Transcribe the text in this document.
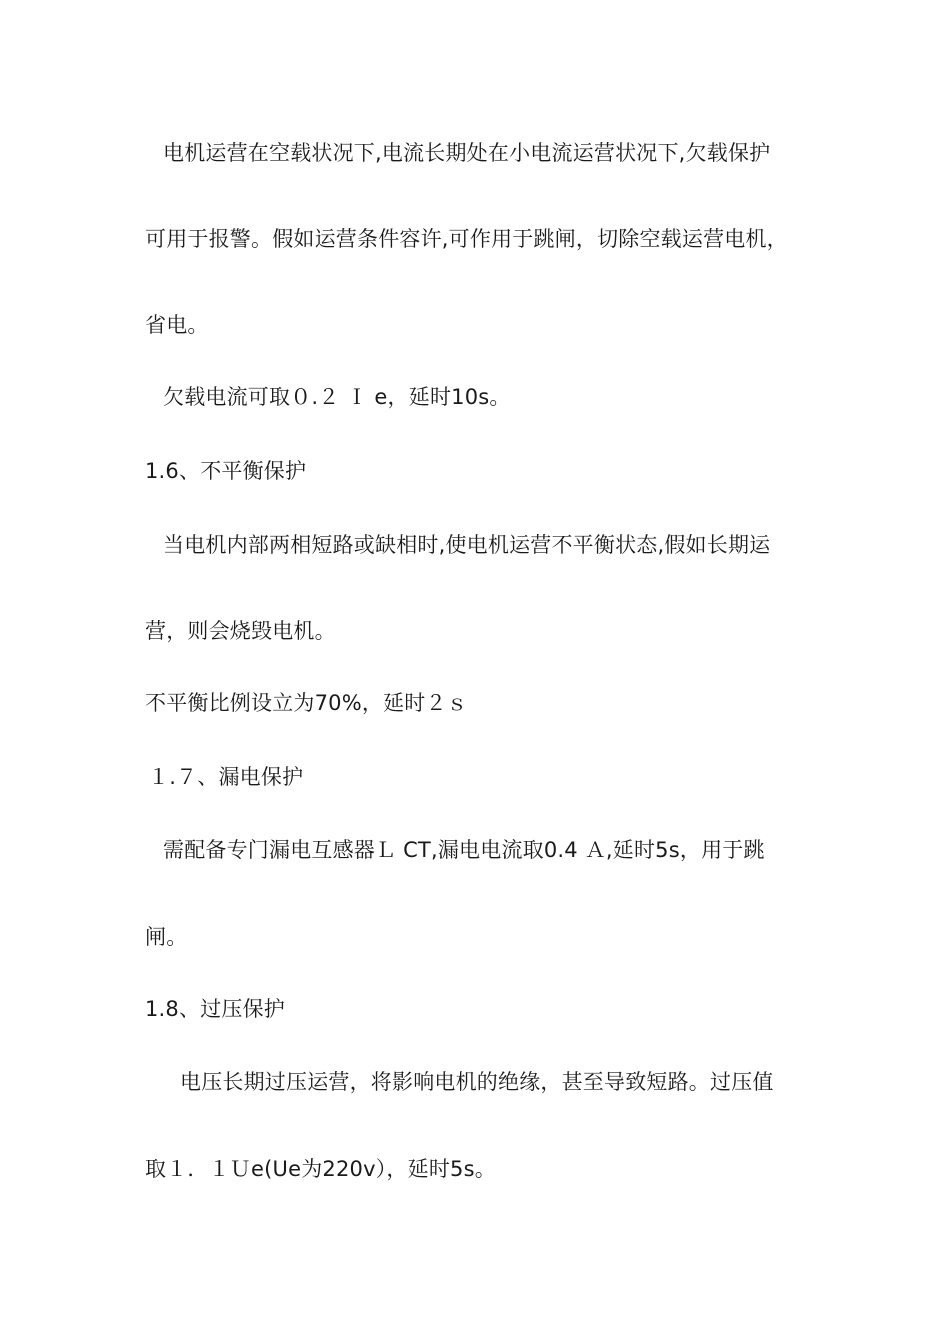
电机运营在空载状况下,电流长期处在小电流运营状况下,欠载保护
可用于报警。假如运营条件容许,可作用于跳闸，切除空载运营电机，
省电。
欠载电流可取０.２ Ｉ e，延时10s。
1.6、不平衡保护
当电机内部两相短路或缺相时,使电机运营不平衡状态,假如长期运
营，则会烧毁电机。
不平衡比例设立为70%，延时２ｓ
１.７、漏电保护
需配备专门漏电互感器Ｌ CT,漏电电流取0.4 Ａ,延时5s，用于跳
闸。
1.8、过压保护
电压长期过压运营，将影响电机的绝缘，甚至导致短路。过压值
取１．１Ｕe(Ue为220v），延时5s。
